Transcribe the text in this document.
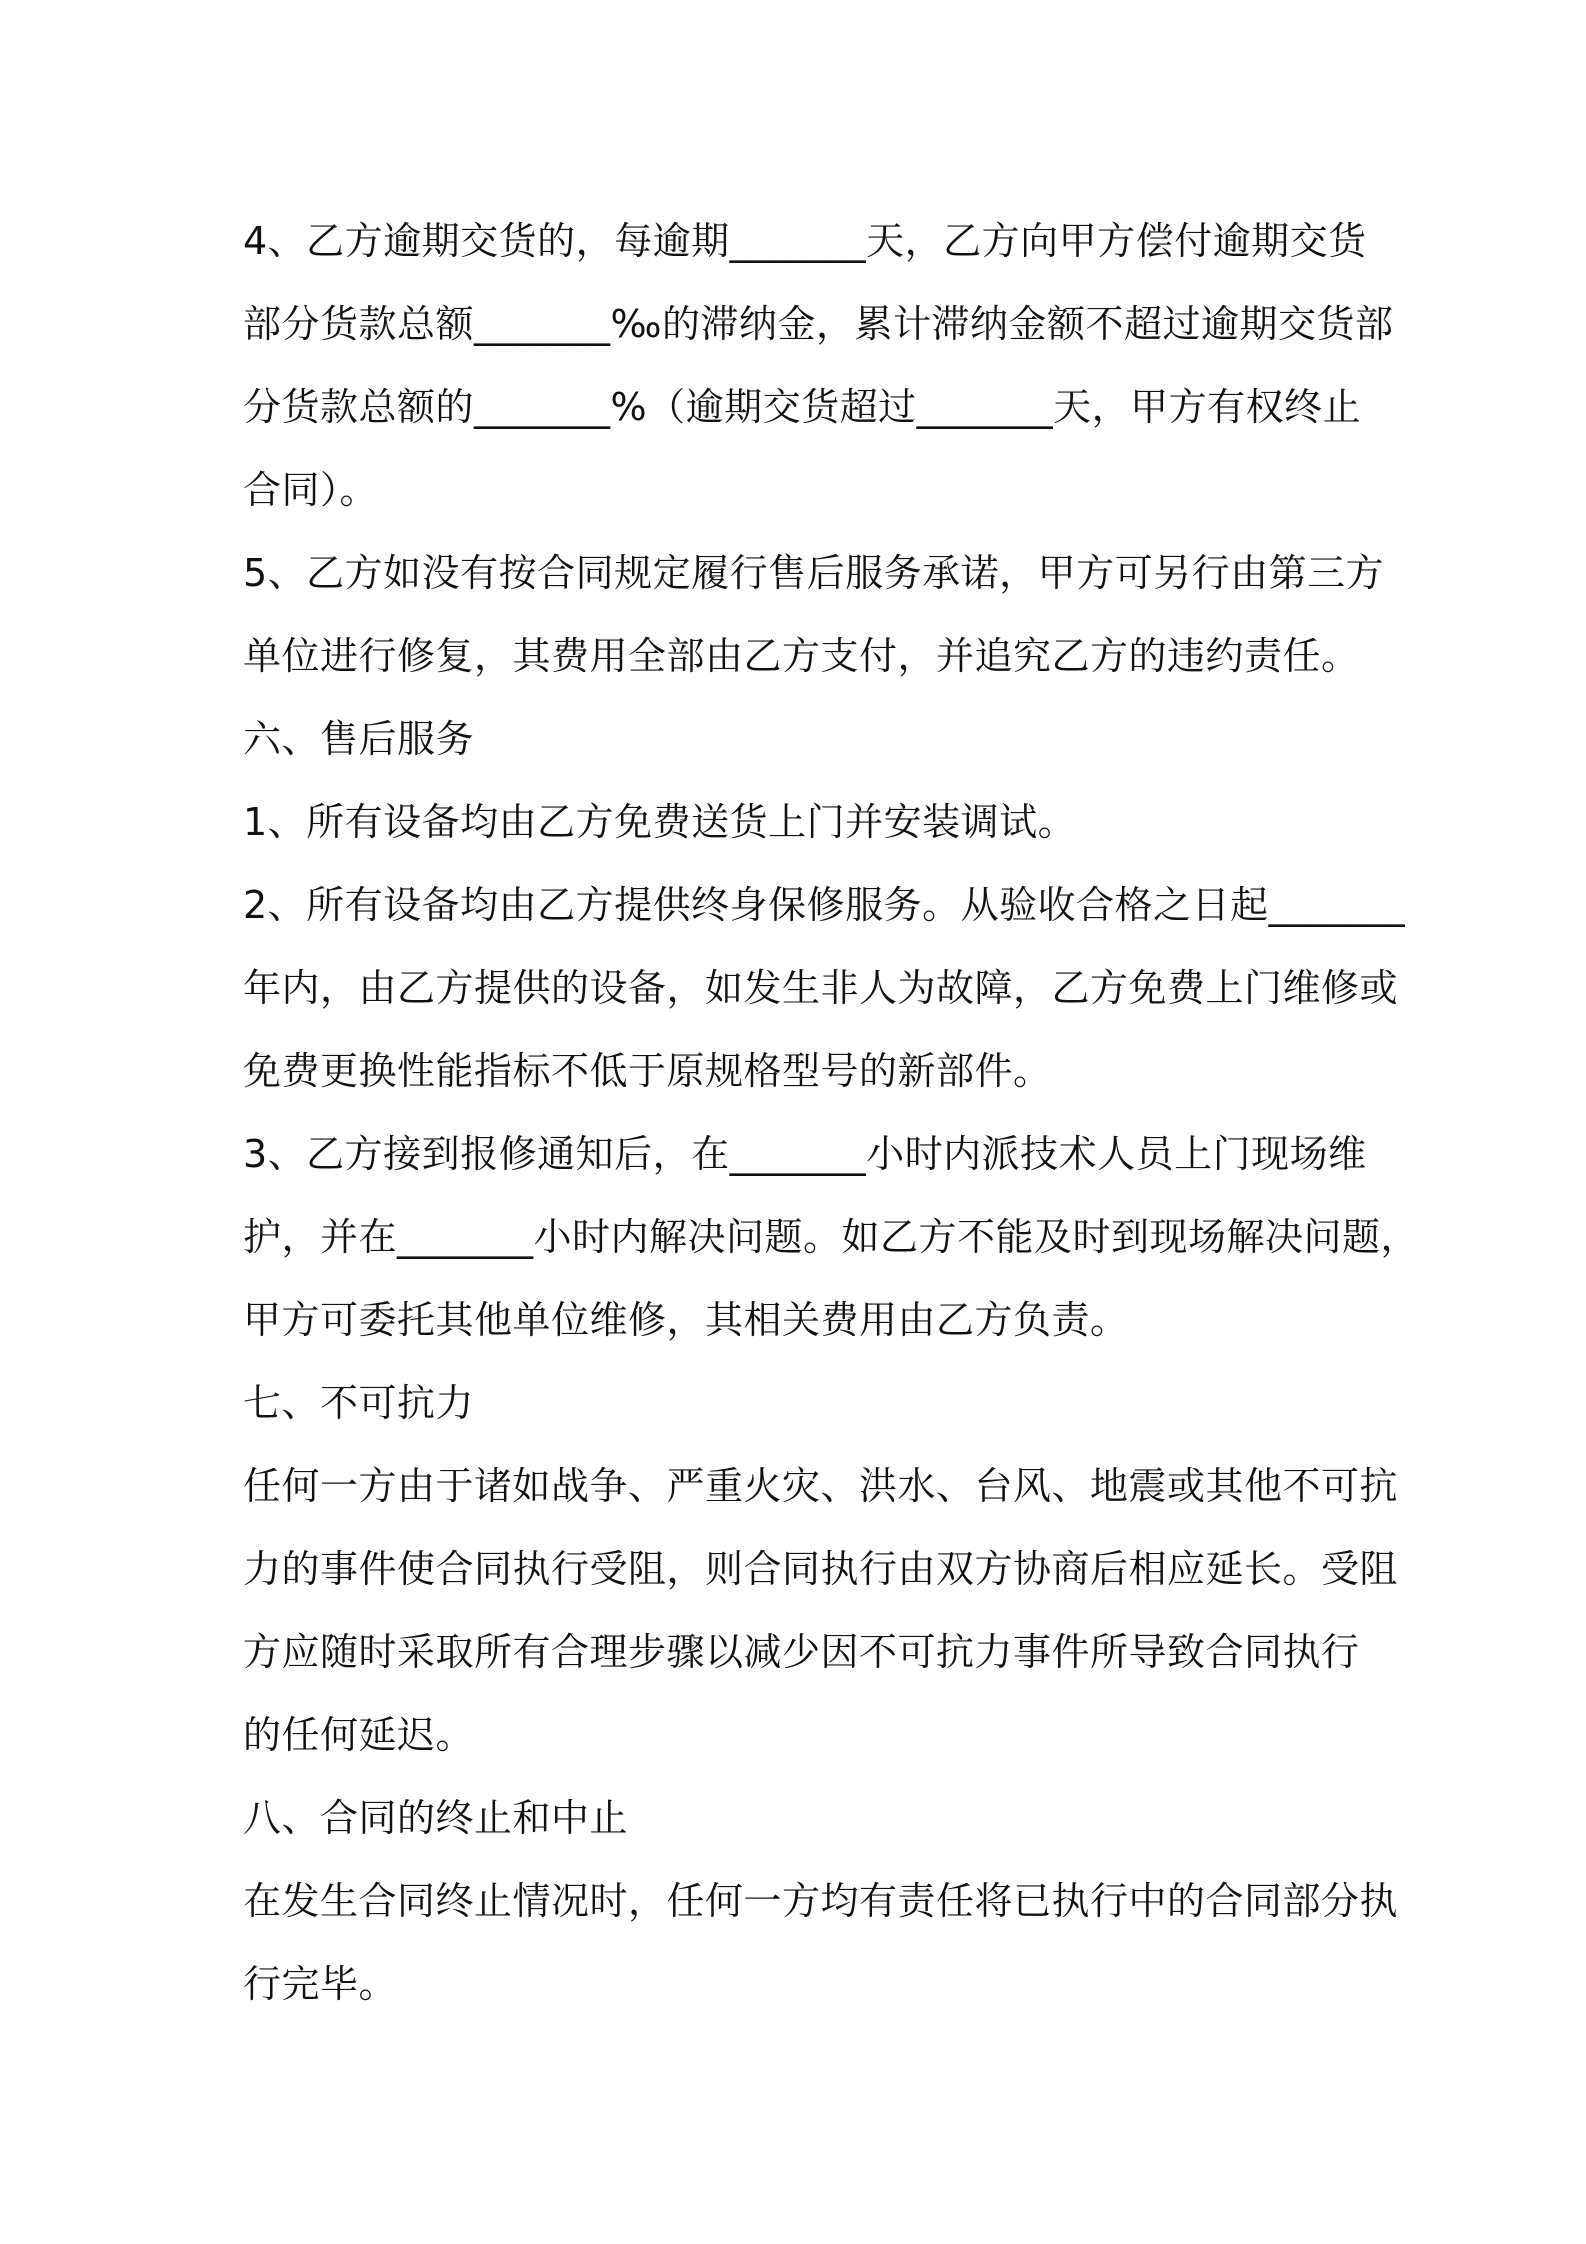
4、乙方逾期交货的，每逾期_______天，乙方向甲方偿付逾期交货
部分货款总额_______‰的滞纳金，累计滞纳金额不超过逾期交货部
分货款总额的_______%（逾期交货超过_______天，甲方有权终止
合同）。
5、乙方如没有按合同规定履行售后服务承诺，甲方可另行由第三方
单位进行修复，其费用全部由乙方支付，并追究乙方的违约责任。
六、售后服务
1、所有设备均由乙方免费送货上门并安装调试。
2、所有设备均由乙方提供终身保修服务。从验收合格之日起_______
年内，由乙方提供的设备，如发生非人为故障，乙方免费上门维修或
免费更换性能指标不低于原规格型号的新部件。
3、乙方接到报修通知后，在_______小时内派技术人员上门现场维
护，并在_______小时内解决问题。如乙方不能及时到现场解决问题，
甲方可委托其他单位维修，其相关费用由乙方负责。
七、不可抗力
任何一方由于诸如战争、严重火灾、洪水、台风、地震或其他不可抗
力的事件使合同执行受阻，则合同执行由双方协商后相应延长。受阻
方应随时采取所有合理步骤以减少因不可抗力事件所导致合同执行
的任何延迟。
八、合同的终止和中止
在发生合同终止情况时，任何一方均有责任将已执行中的合同部分执
行完毕。
